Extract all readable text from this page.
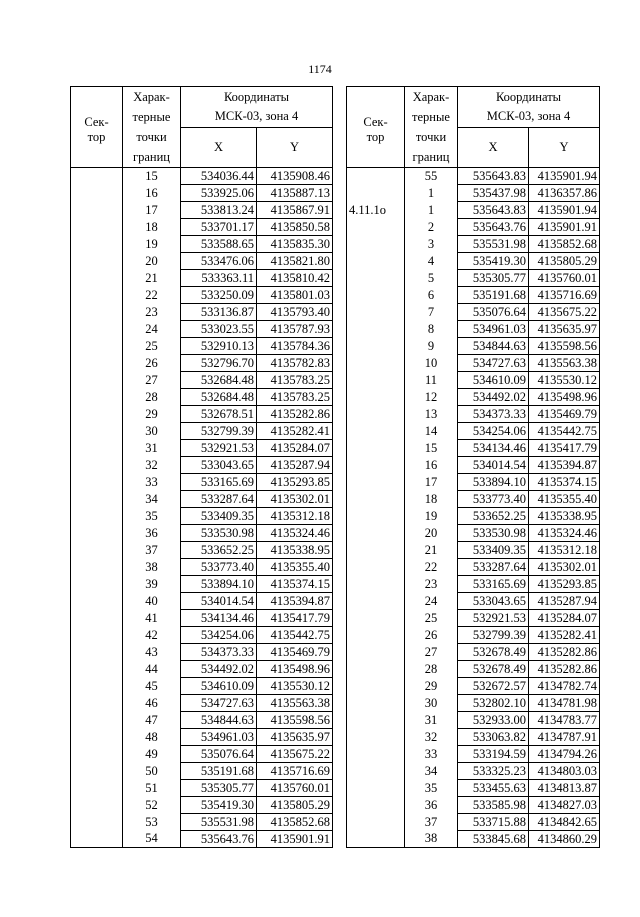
1174
Сек-
тор	Харак-
терные
точки
границ	Координаты
МСК-03, зона 4	
		X	Y
	15	534036.44	4135908.46
	16	533925.06	4135887.13
	17	533813.24	4135867.91
	18	533701.17	4135850.58
	19	533588.65	4135835.30
	20	533476.06	4135821.80
	21	533363.11	4135810.42
	22	533250.09	4135801.03
	23	533136.87	4135793.40
	24	533023.55	4135787.93
	25	532910.13	4135784.36
	26	532796.70	4135782.83
	27	532684.48	4135783.25
	28	532684.48	4135783.25
	29	532678.51	4135282.86
	30	532799.39	4135282.41
	31	532921.53	4135284.07
	32	533043.65	4135287.94
	33	533165.69	4135293.85
	34	533287.64	4135302.01
	35	533409.35	4135312.18
	36	533530.98	4135324.46
	37	533652.25	4135338.95
	38	533773.40	4135355.40
	39	533894.10	4135374.15
	40	534014.54	4135394.87
	41	534134.46	4135417.79
	42	534254.06	4135442.75
	43	534373.33	4135469.79
	44	534492.02	4135498.96
	45	534610.09	4135530.12
	46	534727.63	4135563.38
	47	534844.63	4135598.56
	48	534961.03	4135635.97
	49	535076.64	4135675.22
	50	535191.68	4135716.69
	51	535305.77	4135760.01
	52	535419.30	4135805.29
	53	535531.98	4135852.68
	54	535643.76	4135901.91
Сек-
тор	Харак-
терные
точки
границ	Координаты
МСК-03, зона 4	
		X	Y
	55	535643.83	4135901.94
	1	535437.98	4136357.86
4.11.1о	1	535643.83	4135901.94
	2	535643.76	4135901.91
	3	535531.98	4135852.68
	4	535419.30	4135805.29
	5	535305.77	4135760.01
	6	535191.68	4135716.69
	7	535076.64	4135675.22
	8	534961.03	4135635.97
	9	534844.63	4135598.56
	10	534727.63	4135563.38
	11	534610.09	4135530.12
	12	534492.02	4135498.96
	13	534373.33	4135469.79
	14	534254.06	4135442.75
	15	534134.46	4135417.79
	16	534014.54	4135394.87
	17	533894.10	4135374.15
	18	533773.40	4135355.40
	19	533652.25	4135338.95
	20	533530.98	4135324.46
	21	533409.35	4135312.18
	22	533287.64	4135302.01
	23	533165.69	4135293.85
	24	533043.65	4135287.94
	25	532921.53	4135284.07
	26	532799.39	4135282.41
	27	532678.49	4135282.86
	28	532678.49	4135282.86
	29	532672.57	4134782.74
	30	532802.10	4134781.98
	31	532933.00	4134783.77
	32	533063.82	4134787.91
	33	533194.59	4134794.26
	34	533325.23	4134803.03
	35	533455.63	4134813.87
	36	533585.98	4134827.03
	37	533715.88	4134842.65
	38	533845.68	4134860.29
